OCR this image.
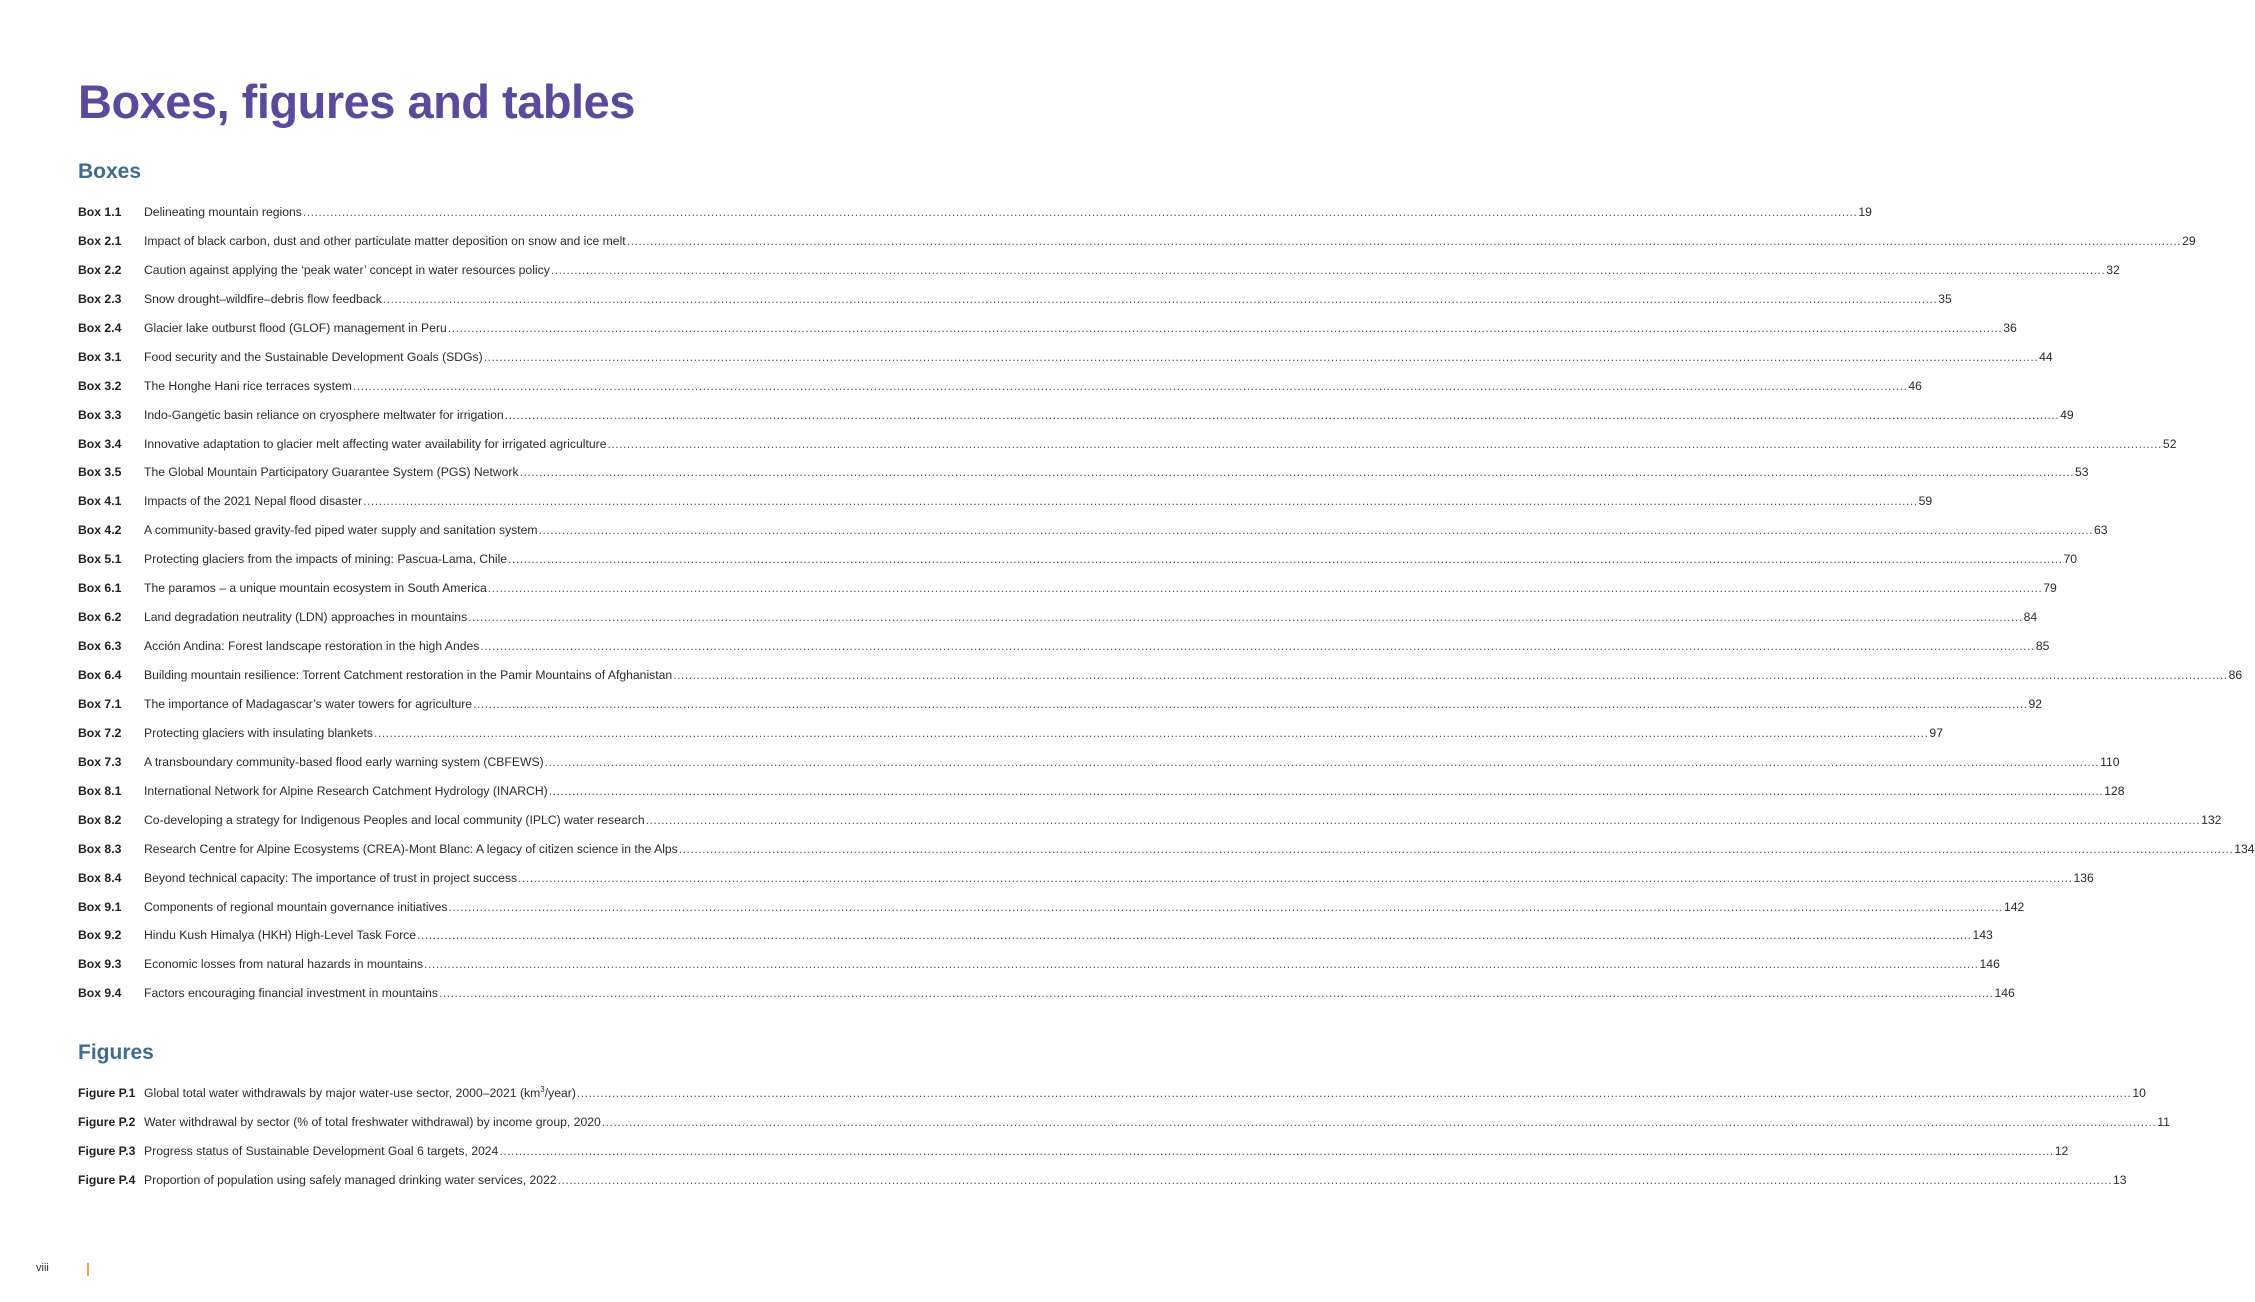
Boxes, figures and tables
Boxes
Box 1.1	Delineating mountain regions ................................................................................................................................................................................................................................................................................................................................................................................................................ 19
Box 2.1	Impact of black carbon, dust and other particulate matter deposition on snow and ice melt ................................................................................................................................................................................................................................................................................................................................................................................................................ 29
Box 2.2	Caution against applying the ‘peak water’ concept in water resources policy ................................................................................................................................................................................................................................................................................................................................................................................................................ 32
Box 2.3	Snow drought–wildfire–debris flow feedback ................................................................................................................................................................................................................................................................................................................................................................................................................ 35
Box 2.4	Glacier lake outburst flood (GLOF) management in Peru ................................................................................................................................................................................................................................................................................................................................................................................................................ 36
Box 3.1	Food security and the Sustainable Development Goals (SDGs) ................................................................................................................................................................................................................................................................................................................................................................................................................ 44
Box 3.2	The Honghe Hani rice terraces system ................................................................................................................................................................................................................................................................................................................................................................................................................ 46
Box 3.3	Indo-Gangetic basin reliance on cryosphere meltwater for irrigation ................................................................................................................................................................................................................................................................................................................................................................................................................ 49
Box 3.4	Innovative adaptation to glacier melt affecting water availability for irrigated agriculture ................................................................................................................................................................................................................................................................................................................................................................................................................ 52
Box 3.5	The Global Mountain Participatory Guarantee System (PGS) Network ................................................................................................................................................................................................................................................................................................................................................................................................................ 53
Box 4.1	Impacts of the 2021 Nepal flood disaster ................................................................................................................................................................................................................................................................................................................................................................................................................ 59
Box 4.2	A community-based gravity-fed piped water supply and sanitation system ................................................................................................................................................................................................................................................................................................................................................................................................................ 63
Box 5.1	Protecting glaciers from the impacts of mining: Pascua-Lama, Chile ................................................................................................................................................................................................................................................................................................................................................................................................................ 70
Box 6.1	The paramos – a unique mountain ecosystem in South America ................................................................................................................................................................................................................................................................................................................................................................................................................ 79
Box 6.2	Land degradation neutrality (LDN) approaches in mountains ................................................................................................................................................................................................................................................................................................................................................................................................................ 84
Box 6.3	Acción Andina: Forest landscape restoration in the high Andes ................................................................................................................................................................................................................................................................................................................................................................................................................ 85
Box 6.4	Building mountain resilience: Torrent Catchment restoration in the Pamir Mountains of Afghanistan ................................................................................................................................................................................................................................................................................................................................................................................................................ 86
Box 7.1	The importance of Madagascar’s water towers for agriculture ................................................................................................................................................................................................................................................................................................................................................................................................................ 92
Box 7.2	Protecting glaciers with insulating blankets ................................................................................................................................................................................................................................................................................................................................................................................................................ 97
Box 7.3	A transboundary community-based flood early warning system (CBFEWS) ................................................................................................................................................................................................................................................................................................................................................................................................................ 110
Box 8.1	International Network for Alpine Research Catchment Hydrology (INARCH) ................................................................................................................................................................................................................................................................................................................................................................................................................ 128
Box 8.2	Co-developing a strategy for Indigenous Peoples and local community (IPLC) water research ................................................................................................................................................................................................................................................................................................................................................................................................................ 132
Box 8.3	Research Centre for Alpine Ecosystems (CREA)-Mont Blanc: A legacy of citizen science in the Alps ................................................................................................................................................................................................................................................................................................................................................................................................................ 134
Box 8.4	Beyond technical capacity: The importance of trust in project success ................................................................................................................................................................................................................................................................................................................................................................................................................ 136
Box 9.1	Components of regional mountain governance initiatives ................................................................................................................................................................................................................................................................................................................................................................................................................ 142
Box 9.2	Hindu Kush Himalya (HKH) High-Level Task Force ................................................................................................................................................................................................................................................................................................................................................................................................................ 143
Box 9.3	Economic losses from natural hazards in mountains ................................................................................................................................................................................................................................................................................................................................................................................................................ 146
Box 9.4	Factors encouraging financial investment in mountains ................................................................................................................................................................................................................................................................................................................................................................................................................ 146
Figures
Figure P.1 Global total water withdrawals by major water-use sector, 2000–2021 $(km^3/year)$ ................................................................................................................................................................................................................................................................................................................................................................................................................ 10
Figure P.2 Water withdrawal by sector (% of total freshwater withdrawal) by income group, 2020 ................................................................................................................................................................................................................................................................................................................................................................................................................ 11
Figure P.3 Progress status of Sustainable Development Goal 6 targets, 2024 ................................................................................................................................................................................................................................................................................................................................................................................................................ 12
Figure P.4 Proportion of population using safely managed drinking water services, 2022 ................................................................................................................................................................................................................................................................................................................................................................................................................ 13
viii
